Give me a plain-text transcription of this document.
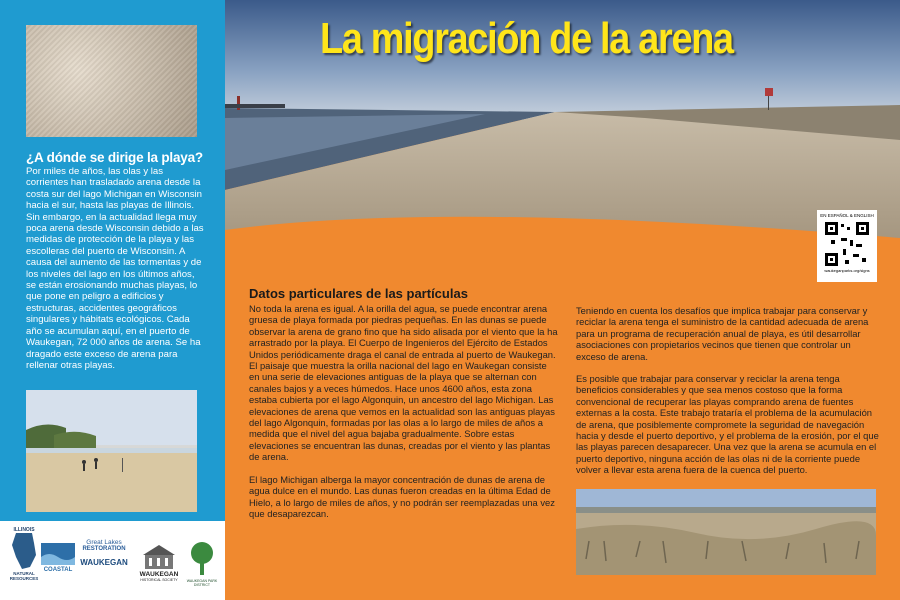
¿A dónde se dirige la playa?
Por miles de años, las olas y las corrientes han trasladado arena desde la costa sur del lago Michigan en Wisconsin hacia el sur, hasta las playas de Illinois. Sin embargo, en la actualidad llega muy poca arena desde Wisconsin debido a las medidas de protección de la playa y las escolleras del puerto de Wisconsin. A causa del aumento de las tormentas y de los niveles del lago en los últimos años, se están erosionando muchas playas, lo que pone en peligro a edificios y estructuras, accidentes geográficos singulares y hábitats ecológicos. Cada año se acumulan aquí, en el puerto de Waukegan, 72 000 años de arena. Se ha dragado este exceso de arena para rellenar otras playas.
ILLINOIS
NATURAL RESOURCES
COASTAL
Great Lakes
RESTORATION
WAUKEGAN
WAUKEGAN
HISTORICAL SOCIETY	WAUKEGAN PARK DISTRICT
La migración de la arena
EN ESPAÑOL & ENGLISH
waukeganparks.org/signs
Datos particulares de las partículas

No toda la arena es igual. A la orilla del agua, se puede encontrar arena gruesa de playa formada por piedras pequeñas. En las dunas se puede observar la arena de grano fino que ha sido alisada por el viento que la ha arrastrado por la playa. El Cuerpo de Ingenieros del Ejército de Estados Unidos periódicamente draga el canal de entrada al puerto de Waukegan. El paisaje que muestra la orilla nacional del lago en Waukegan consiste en una serie de elevaciones antiguas de la playa que se alternan con canales bajos y a veces húmedos. Hace unos 4600 años, esta zona estaba cubierta por el lago Algonquin, un ancestro del lago Michigan. Las elevaciones de arena que vemos en la actualidad son las antiguas playas del lago Algonquin, formadas por las olas a lo largo de miles de años a medida que el nivel del agua bajaba gradualmente. Sobre estas elevaciones se encuentran las dunas, creadas por el viento y las plantas de arena.

El lago Michigan alberga la mayor concentración de dunas de arena de agua dulce en el mundo. Las dunas fueron creadas en la última Edad de Hielo, a lo largo de miles de años, y no podrán ser reemplazadas una vez que desaparezcan.

Teniendo en cuenta los desafíos que implica trabajar para conservar y reciclar la arena tenga el suministro de la cantidad adecuada de arena para un programa de recuperación anual de playa, es útil desarrollar asociaciones con propietarios vecinos que tienen que controlar un exceso de arena.

Es posible que trabajar para conservar y reciclar la arena tenga beneficios considerables y que sea menos costoso que la forma convencional de recuperar las playas comprando arena de fuentes externas a la costa. Este trabajo trataría el problema de la acumulación de arena, que posiblemente compromete la seguridad de navegación hacia y desde el puerto deportivo, y el problema de la erosión, por el que las playas parecen desaparecer. Una vez que la arena se acumula en el puerto deportivo, ninguna acción de las olas ni de la corriente puede volver a llevar esta arena fuera de la cuenca del puerto.
